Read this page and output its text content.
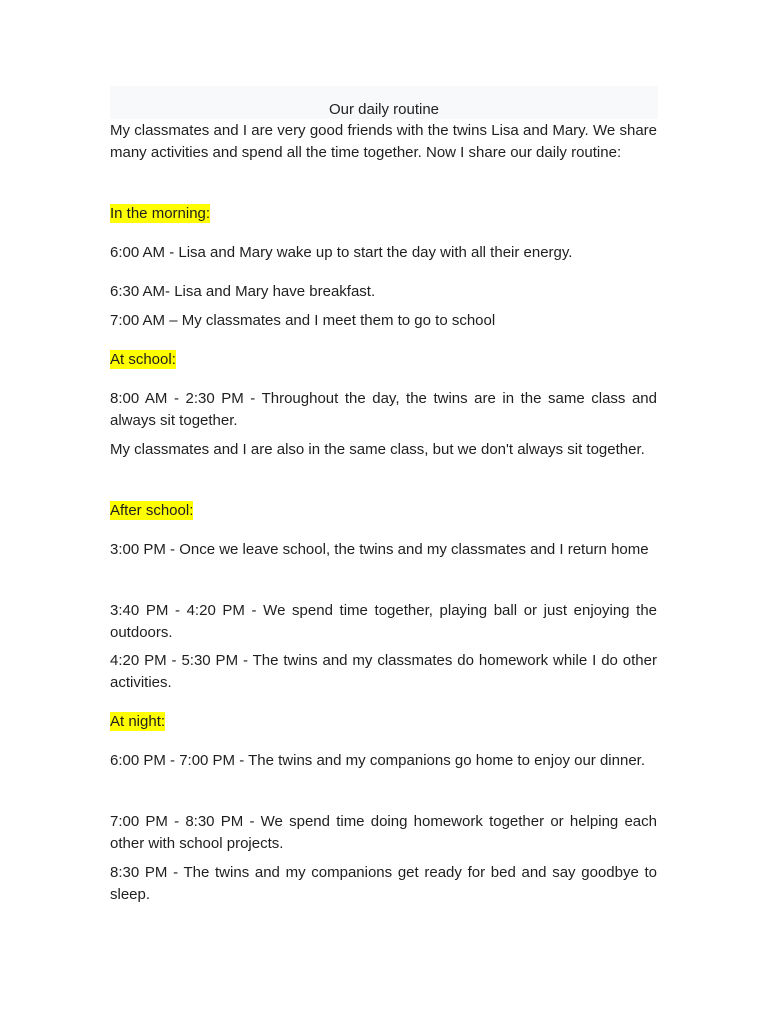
Our daily routine

My classmates and I are very good friends with the twins Lisa and Mary. We share many activities and spend all the time together. Now I share our daily routine:

In the morning:

6:00 AM - Lisa and Mary wake up to start the day with all their energy.

6:30 AM- Lisa and Mary have breakfast.

7:00 AM – My classmates and I meet them to go to school

At school:

8:00 AM - 2:30 PM - Throughout the day, the twins are in the same class and always sit together.

My classmates and I are also in the same class, but we don't always sit together.

After school:

3:00 PM - Once we leave school, the twins and my classmates and I return home

3:40 PM - 4:20 PM - We spend time together, playing ball or just enjoying the outdoors.

4:20 PM - 5:30 PM - The twins and my classmates do homework while I do other activities.

At night:

6:00 PM - 7:00 PM - The twins and my companions go home to enjoy our dinner.

7:00 PM - 8:30 PM - We spend time doing homework together or helping each other with school projects.

8:30 PM - The twins and my companions get ready for bed and say goodbye to sleep.
